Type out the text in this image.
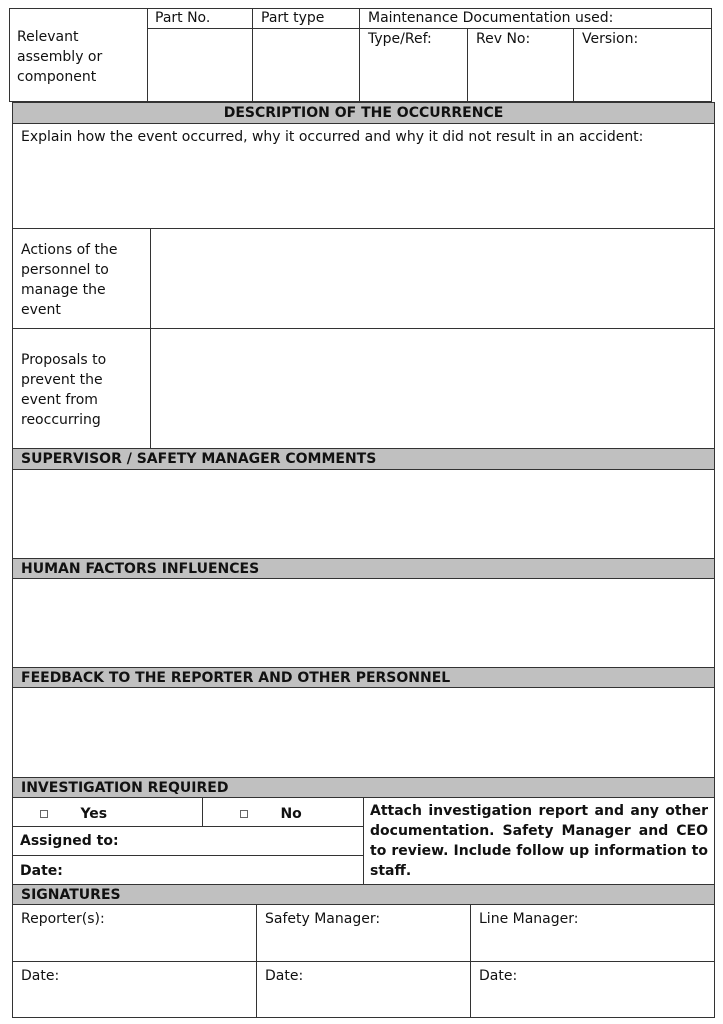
Relevant assembly or component
Part No.	Part type	Maintenance Documentation used:
Type/Ref:	Rev No:	Version:
DESCRIPTION OF THE OCCURRENCE
Explain how the event occurred, why it occurred and why it did not result in an accident:
Actions of the personnel to manage the event
Proposals to prevent the event from reoccurring
SUPERVISOR / SAFETY MANAGER COMMENTS
HUMAN FACTORS INFLUENCES
FEEDBACK TO THE REPORTER AND OTHER PERSONNEL
INVESTIGATION REQUIRED
Yes	No
Assigned to:
Date:
Attach investigation report and any other documentation. Safety Manager and CEO to review. Include follow up information to staff.
SIGNATURES
Reporter(s):	Safety Manager:	Line Manager:
Date:	Date:	Date:
